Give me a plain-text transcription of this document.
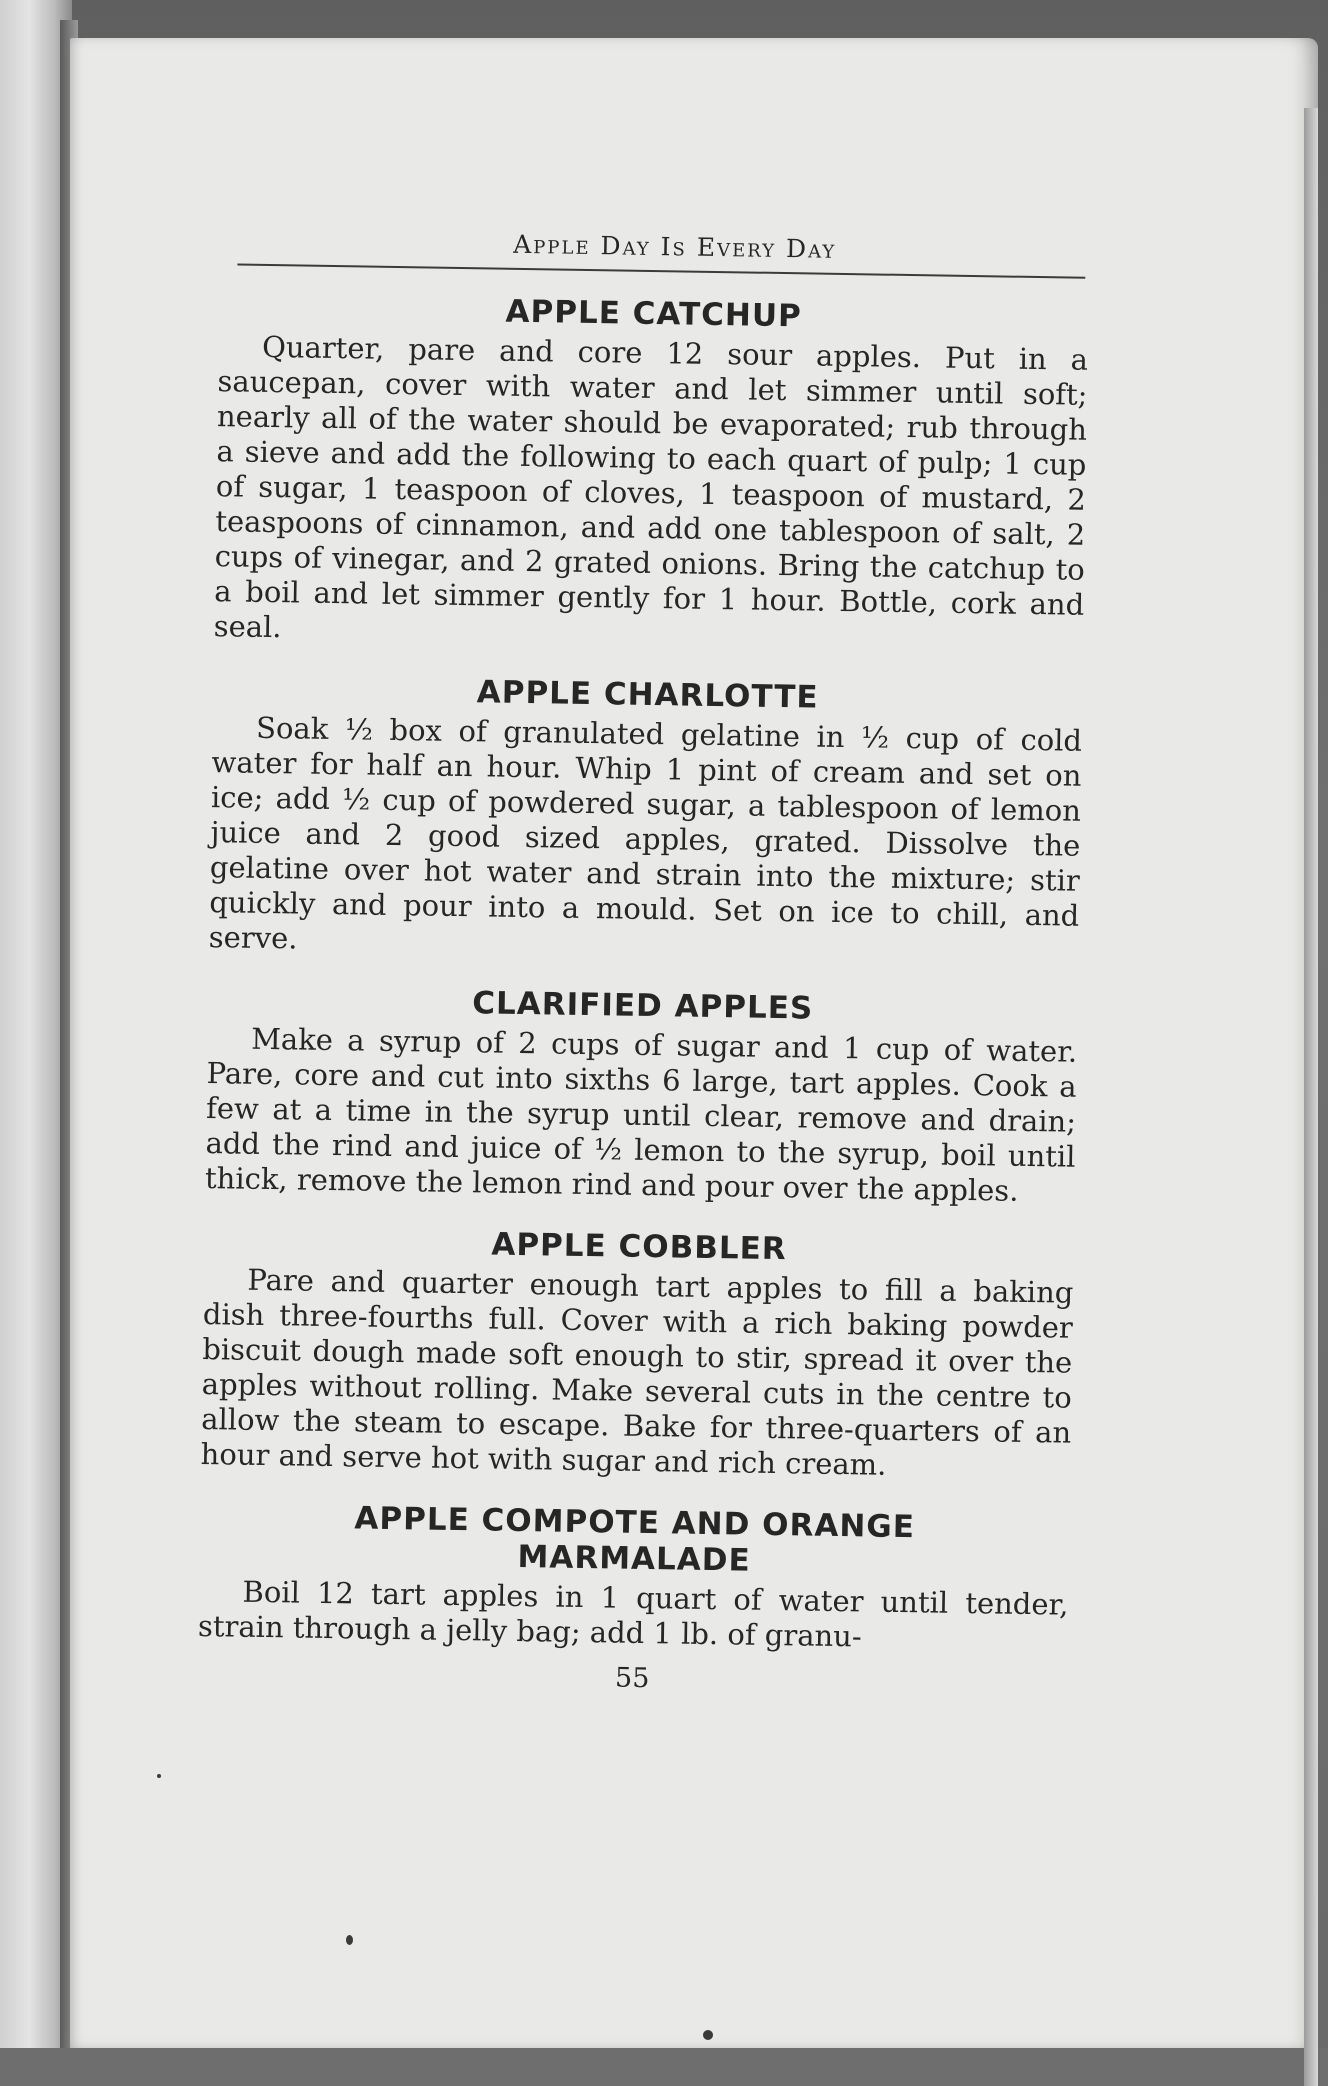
Apple Day Is Every Day
APPLE CATCHUP

Quarter, pare and core 12 sour apples. Put in a saucepan, cover with water and let simmer until soft; nearly all of the water should be evaporated; rub through a sieve and add the following to each quart of pulp; 1 cup of sugar, 1 teaspoon of cloves, 1 teaspoon of mustard, 2 teaspoons of cinnamon, and add one tablespoon of salt, 2 cups of vinegar, and 2 grated onions. Bring the catchup to a boil and let simmer gently for 1 hour. Bottle, cork and seal.

APPLE CHARLOTTE

Soak ½ box of granulated gelatine in ½ cup of cold water for half an hour. Whip 1 pint of cream and set on ice; add ½ cup of powdered sugar, a tablespoon of lemon juice and 2 good sized apples, grated. Dissolve the gelatine over hot water and strain into the mixture; stir quickly and pour into a mould. Set on ice to chill, and serve.

CLARIFIED APPLES

Make a syrup of 2 cups of sugar and 1 cup of water. Pare, core and cut into sixths 6 large, tart apples. Cook a few at a time in the syrup until clear, remove and drain; add the rind and juice of ½ lemon to the syrup, boil until thick, remove the lemon rind and pour over the apples.

APPLE COBBLER

Pare and quarter enough tart apples to fill a baking dish three-fourths full. Cover with a rich baking powder biscuit dough made soft enough to stir, spread it over the apples without rolling. Make several cuts in the centre to allow the steam to escape. Bake for three-quarters of an hour and serve hot with sugar and rich cream.

APPLE COMPOTE AND ORANGE MARMALADE

Boil 12 tart apples in 1 quart of water until tender, strain through a jelly bag; add 1 lb. of granu-

55
